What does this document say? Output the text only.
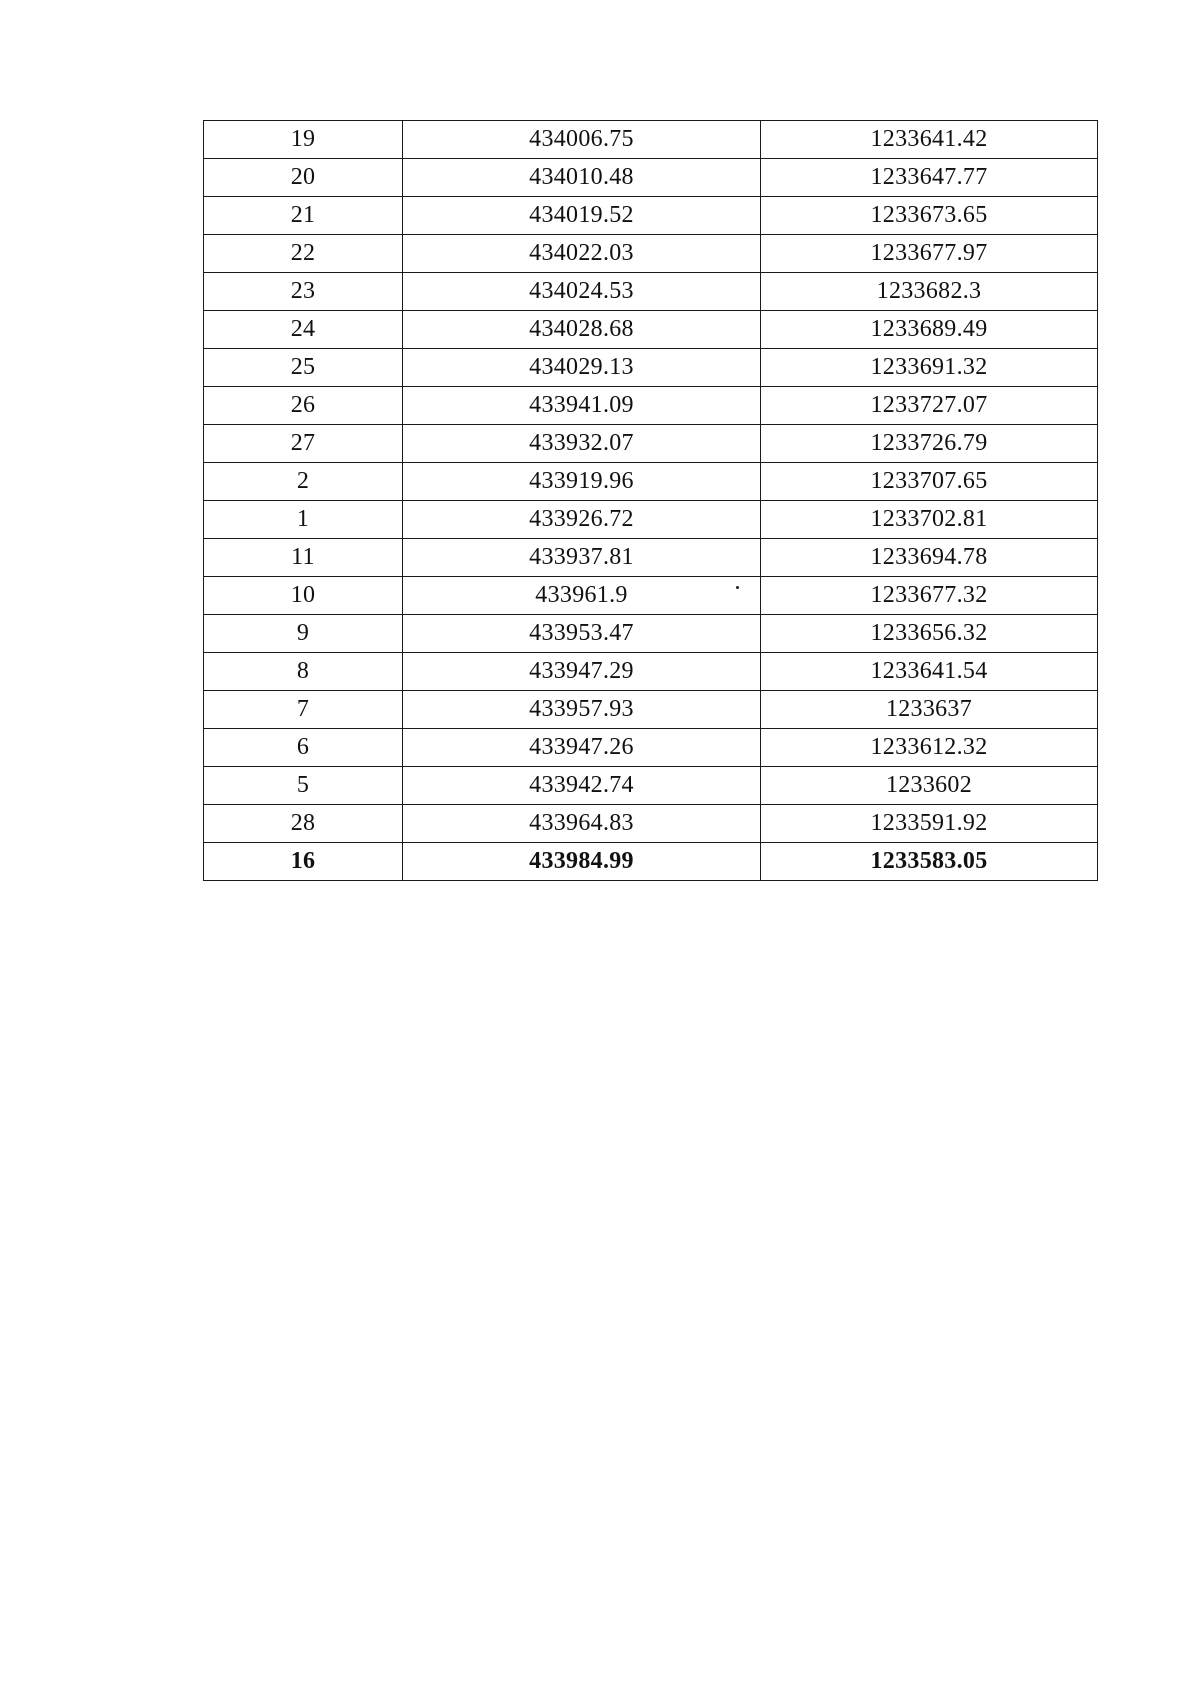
19	434006.75	1233641.42
20	434010.48	1233647.77
21	434019.52	1233673.65
22	434022.03	1233677.97
23	434024.53	1233682.3
24	434028.68	1233689.49
25	434029.13	1233691.32
26	433941.09	1233727.07
27	433932.07	1233726.79
2	433919.96	1233707.65
1	433926.72	1233702.81
11	433937.81	1233694.78
10	433961.9	1233677.32
9	433953.47	1233656.32
8	433947.29	1233641.54
7	433957.93	1233637
6	433947.26	1233612.32
5	433942.74	1233602
28	433964.83	1233591.92
16	433984.99	1233583.05
